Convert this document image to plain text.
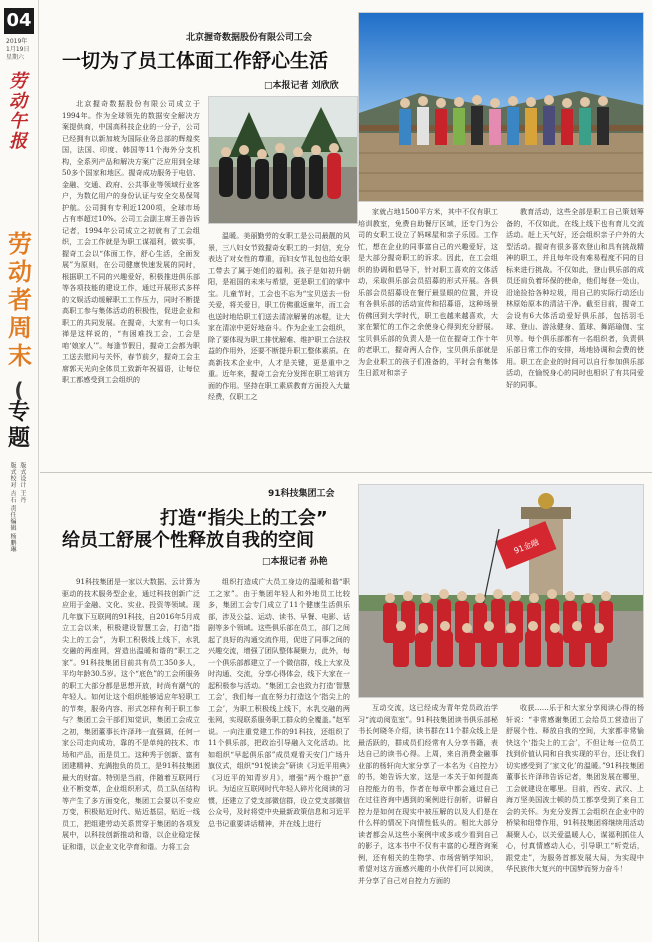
04
2019年
1月19日
星期六
劳动午报
劳动者周末
(
专题
版式校对 吉石 版式设计 王丹 责任编辑 杨鹏琳
北京握奇数据股份有限公司工会
一切为了员工体面工作舒心生活
□本报记者 刘欣欣
北京握奇数据股份有限公司成立于1994年。作为全球领先的数据安全解决方案提供商，中国高科技企业的一分子，公司已经拥有以新加坡为国际业务总部的辉煌奖国，法国、印度、韩国等11个海外分支机构，全系列产品和解决方案广泛应用到全球50多个国家和地区。握奇成功服务于电信、金融、交通、政府、公共事业等领域行业客户，为数亿用户的身份认证与安全交易保驾护航。公司拥有专利近1200项，全球市场占有率超过10%。公司工会副主席王善告诉记者，1994年公司成立之初就有了工会组织，工会工作就是为职工谋福利，做实事，握奇工会以“体面工作，舒心生活，全面发展”为原则，在公司健康快速发展的同时，根据职工不同的兴趣爱好，积极推进俱乐部等各项技能的建设工作，通过开展形式多样的文娱活动缓解职工工作压力，同时不断提高职工参与集体活动的积极性，促进企业和职工的共同发展。在握奇，大家有一句口头禅是这样说的，“有困难找工会，工会是咱‘娘家人’”。每逢节假日，握奇工会都为职工送去慰问与关怀，春节前夕，握奇工会主席郭天光向全体员工致新年祝福语，让每位职工都感受到工会组织的
温暖。美丽勤劳的女职工是公司最靓的风景，三八妇女节致握奇女职工的一封信，充分表达了对女性的尊重，而妇女节礼包也给女职工带去了属于她们的福利。孩子是如初升朝阳，是祖国的未来与希望，更是职工们的掌中宝。儿童节时，工会也不忘为“宝贝送去一份关爱，将关爱日，职工仿佛重返童年，而工会也送时地给职工们送去清凉解暑的冰棍，让大家在清凉中更好地奋斗。作为企业工会组织，除了要体现为职工排忧解难、维护职工合法权益的作用外，还要不断提升职工整体素质。在高新技术企业中，人才是关键，更是重中之重。近年来，握奇工会充分发挥在职工培训方面的作用。坚持在职工素质教育方面投入大量经费，仅职工之
家就占地1500平方米，其中不仅有职工培训教室，免费自助餐厅区域，还专门为公司的女职工设立了妈咪屋和亲子乐园。工作忙，想在企业的同事富自己的兴趣爱好，这是大部分握奇职工的诉求。因此，在工会组织的协调和倡导下，针对职工喜欢的文体活动，采取俱乐部会员招募的形式开展。各俱乐部会员招募设在餐厅最显眼的位置，并设有各俱乐部的活动宣传和招募语，这种场景仿佛回到大学时代，职工也越来越喜欢，大家在繁忙的工作之余使身心得到充分舒展。宝贝俱乐部的负责人是一位在握奇工作十年的老职工，握奇两人合作，宝贝俱乐部就是为企业职工的孩子们准备的，平时会有集体生日派对和亲子
教育活动，这些全部是职工自己策划筹备的，不仅如此，在线上线下也有育儿交流活动。赶上天气好，还会组织亲子户外的大型活动。握奇有很多喜欢登山和具有挑战精神的职工，并且每年设有难易程度不同的目标来进行挑战。不仅如此，登山俱乐部的成员还肩负着环保的使命，他们每登一处山，沿途捡拾各种垃圾，用自己的实际行动还山林原始原本的清洁干净。截至目前，握奇工会设有6大体活动爱好俱乐部，包括羽毛球、登山、游泳健身、篮球、舞蹈瑜伽、宝贝等。每个俱乐部都有一名组织者，负责俱乐部日常工作的安排，场地协调和会费的使用。职工在企业的时间可以自行参加俱乐部活动，在愉悦身心的同时也相识了有共同爱好的同事。
91科技集团工会
打造“指尖上的工会”
给员工舒展个性释放自我的空间
□本报记者 孙艳
91金融
91科技集团是一家以大数据、云计算为驱动的技术服务型企业，通过科技创新广泛应用于金融、文化、实业、投资等领域。现几年旗下互联网的91科技，自2016年5月成立工会以来，积极建设智慧工会，打造“指尖上的工会”，为职工积极线上线下，水乳交融的两座网，营造出温暖和谐的“职工之家”。91科技集团目前共有员工350多人，平均年龄30.5岁。这个“底色”的工会所服务的职工大部分都是思想开放，时尚有潮气的年轻人。如何让这个组织能够适应年轻职工的节奏，服务内容、形式怎样有利于职工参与？集团工会干部们知觉识，集团工会成立之初，集团董事长许泽玮一直强调，任何一家公司走向成功，靠的不是单纯的技术、市场和产品，而是员工。这种秀于创新、富有团建精神、充满抱负的员工，是91科技集团最大的财富。特别是当前，伴随着互联网行业不断变革，企业组织形式，员工队伍结构等产生了多方面变化，集团工会要以不变应万变，积极贴近时代、贴近基层，贴近一线员工，把组建劳动关系贯穿于集团的各项发展中，以科技创新推动和谐，以企业稳定保证和谐，以企业文化孕育和谐。力将工会
组织打造成广大员工身边的温暖和谐“职工之家”。由于集团年轻人和外地员工比较多，集团工会专门成立了11个健康生活俱乐部，涉及公益、运动、读书、早餐、电影、话剧等多个领域。这些俱乐部在员工，部门之间起了良好的沟通交流作用，促进了同事之间的兴趣交流，增强了团队整体凝聚力，此外，每一个俱乐部都建立了一个微信群，线上大家及时沟通、交流，分享心得体会，线下大家在一起积极参与活动。“集团工会也致力打造‘智慧工会’，我们每一直在努力打造这个‘指尖上的工会’，为职工积极线上线下，水乳交融的两张网，实现联系服务职工群众的全覆盖。”赵军说。一向注重党建工作的91科技，还组织了11个俱乐部，把政治引导融入文化活动。比如组织“早起俱乐部”成员观看天安门广场升旗仪式，组织“91悦读会”研读《习近平用典》《习近平的知青岁月》，增强“两个维护”意识。为适应互联网时代年轻人碎片化阅读的习惯，还建立了党支部微信群，设立党支部微信公众号，及时将党中央最新政策信息和习近平总书记重要讲话精神，并在线上进行
互动交流，这已经成为青年党员政治学习“流动阅览室”。91科技集团读书俱乐部秘书长何晓冬介绍，读书群在11个群众线上是最活跃的，群成员们经常有人分享书籍，表达自己的读书心得。上周，来自消费金融事业部的杨轩向大家分享了一本名为《自控力》的书，她告诉大家，这是一本关于如何提高自控能力的书，作者在每章中都会通过自己在过往咨询中遇到的案例进行剖析，讲解自控力是如何在现实中被压解的以及人们是在什么样的情况下向情性低头的。相比大部分读者都会从这些小案例中或多或少看到自己的影子，这本书中不仅有丰富的心理咨询案例，还有相关的生物学、市场营销学知识，希望对这方面感兴趣的小伙伴们可以阅读，并分享了自己对自控力方面的
收获……乐于和大家分享阅读心得的杨轩说：“非常感谢集团工会给员工营造出了舒展个性、释放自我的空间，大家都非常愉快这个‘指尖上的工会’，不但让每一位员工找到价值认同和自我实现的平台，还让我们切实感受到了‘家文化’的温暖。”91科技集团董事长许泽玮告诉记者，集团发展在哪里，工会就建设在哪里。目前，西安、武汉、上海万坚美国波士顿的员工都享受到了来自工会的关怀。为充分发挥工会组织在企业中的桥梁和纽带作用，91科技集团将继续用活动凝聚人心，以关爱温暖人心，谋福利抓住人心，付真情感动人心，引导职工“听党话，跟党走”，为服务首都发展大局，为实现中华民族伟大复兴的中国梦而努力奋斗！
